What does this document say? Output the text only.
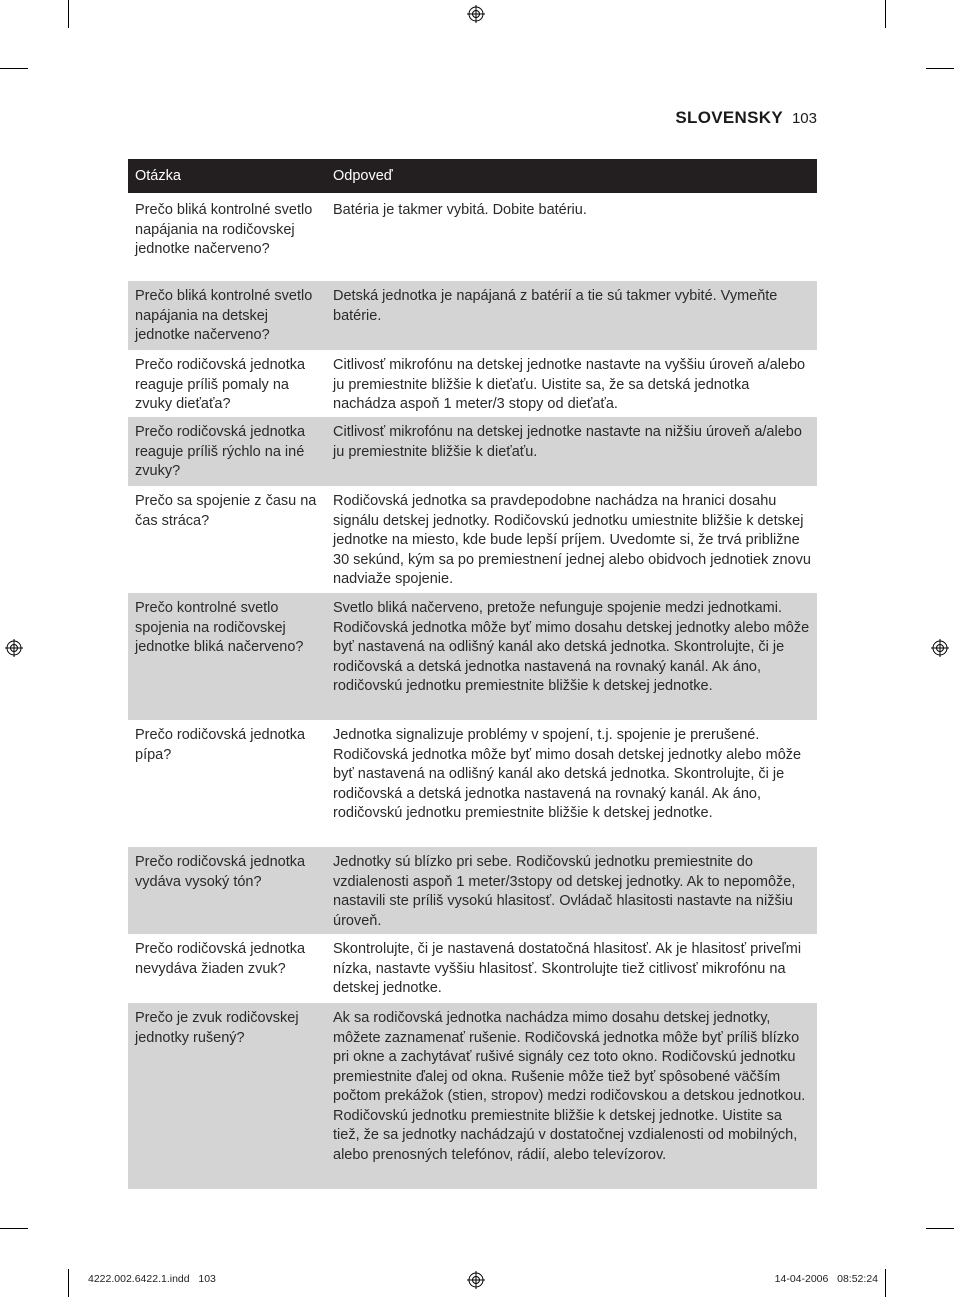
SLOVENSKY 103
Otázka	Odpoveď
Prečo bliká kontrolné svetlo napájania na rodičovskej jednotke načerveno?
Batéria je takmer vybitá. Dobite batériu.
Prečo bliká kontrolné svetlo napájania na detskej jednotke načerveno?
Detská jednotka je napájaná z batérií a tie sú takmer vybité. Vymeňte batérie.
Prečo rodičovská jednotka reaguje príliš pomaly na zvuky dieťaťa?
Citlivosť mikrofónu na detskej jednotke nastavte na vyššiu úroveň a/alebo ju premiestnite bližšie k dieťaťu. Uistite sa, že sa detská jednotka nachádza aspoň 1 meter/3 stopy od dieťaťa.
Prečo rodičovská jednotka reaguje príliš rýchlo na iné zvuky?
Citlivosť mikrofónu na detskej jednotke nastavte na nižšiu úroveň a/alebo ju premiestnite bližšie k dieťaťu.
Prečo sa spojenie z času na čas stráca?
Rodičovská jednotka sa pravdepodobne nachádza na hranici dosahu signálu detskej jednotky. Rodičovskú jednotku umiestnite bližšie k detskej jednotke na miesto, kde bude lepší príjem. Uvedomte si, že trvá približne 30 sekúnd, kým sa po premiestnení jednej alebo obidvoch jednotiek znovu nadviaže spojenie.
Prečo kontrolné svetlo spojenia na rodičovskej jednotke bliká načerveno?
Svetlo bliká načerveno, pretože nefunguje spojenie medzi jednotkami. Rodičovská jednotka môže byť mimo dosahu detskej jednotky alebo môže byť nastavená na odlišný kanál ako detská jednotka. Skontrolujte, či je rodičovská a detská jednotka nastavená na rovnaký kanál. Ak áno, rodičovskú jednotku premiestnite bližšie k detskej jednotke.
Prečo rodičovská jednotka pípa?
Jednotka signalizuje problémy v spojení, t.j. spojenie je prerušené. Rodičovská jednotka môže byť mimo dosah detskej jednotky alebo môže byť nastavená na odlišný kanál ako detská jednotka. Skontrolujte, či je rodičovská a detská jednotka nastavená na rovnaký kanál. Ak áno, rodičovskú jednotku premiestnite bližšie k detskej jednotke.
Prečo rodičovská jednotka vydáva vysoký tón?
Jednotky sú blízko pri sebe. Rodičovskú jednotku premiestnite do vzdialenosti aspoň 1 meter/3stopy od detskej jednotky. Ak to nepomôže, nastavili ste príliš vysokú hlasitosť. Ovládač hlasitosti nastavte na nižšiu úroveň.
Prečo rodičovská jednotka nevydáva žiaden zvuk?
Skontrolujte, či je nastavená dostatočná hlasitosť. Ak je hlasitosť priveľmi nízka, nastavte vyššiu hlasitosť. Skontrolujte tiež citlivosť mikrofónu na detskej jednotke.
Prečo je zvuk rodičovskej jednotky rušený?
Ak sa rodičovská jednotka nachádza mimo dosahu detskej jednotky, môžete zaznamenať rušenie. Rodičovská jednotka môže byť príliš blízko pri okne a zachytávať rušivé signály cez toto okno. Rodičovskú jednotku premiestnite ďalej od okna. Rušenie môže tiež byť spôsobené väčším počtom prekážok (stien, stropov) medzi rodičovskou a detskou jednotkou. Rodičovskú jednotku premiestnite bližšie k detskej jednotke. Uistite sa tiež, že sa jednotky nachádzajú v dostatočnej vzdialenosti od mobilných, alebo prenosných telefónov, rádií, alebo televízorov.
4222.002.6422.1.indd 103	14-04-2006 08:52:24
